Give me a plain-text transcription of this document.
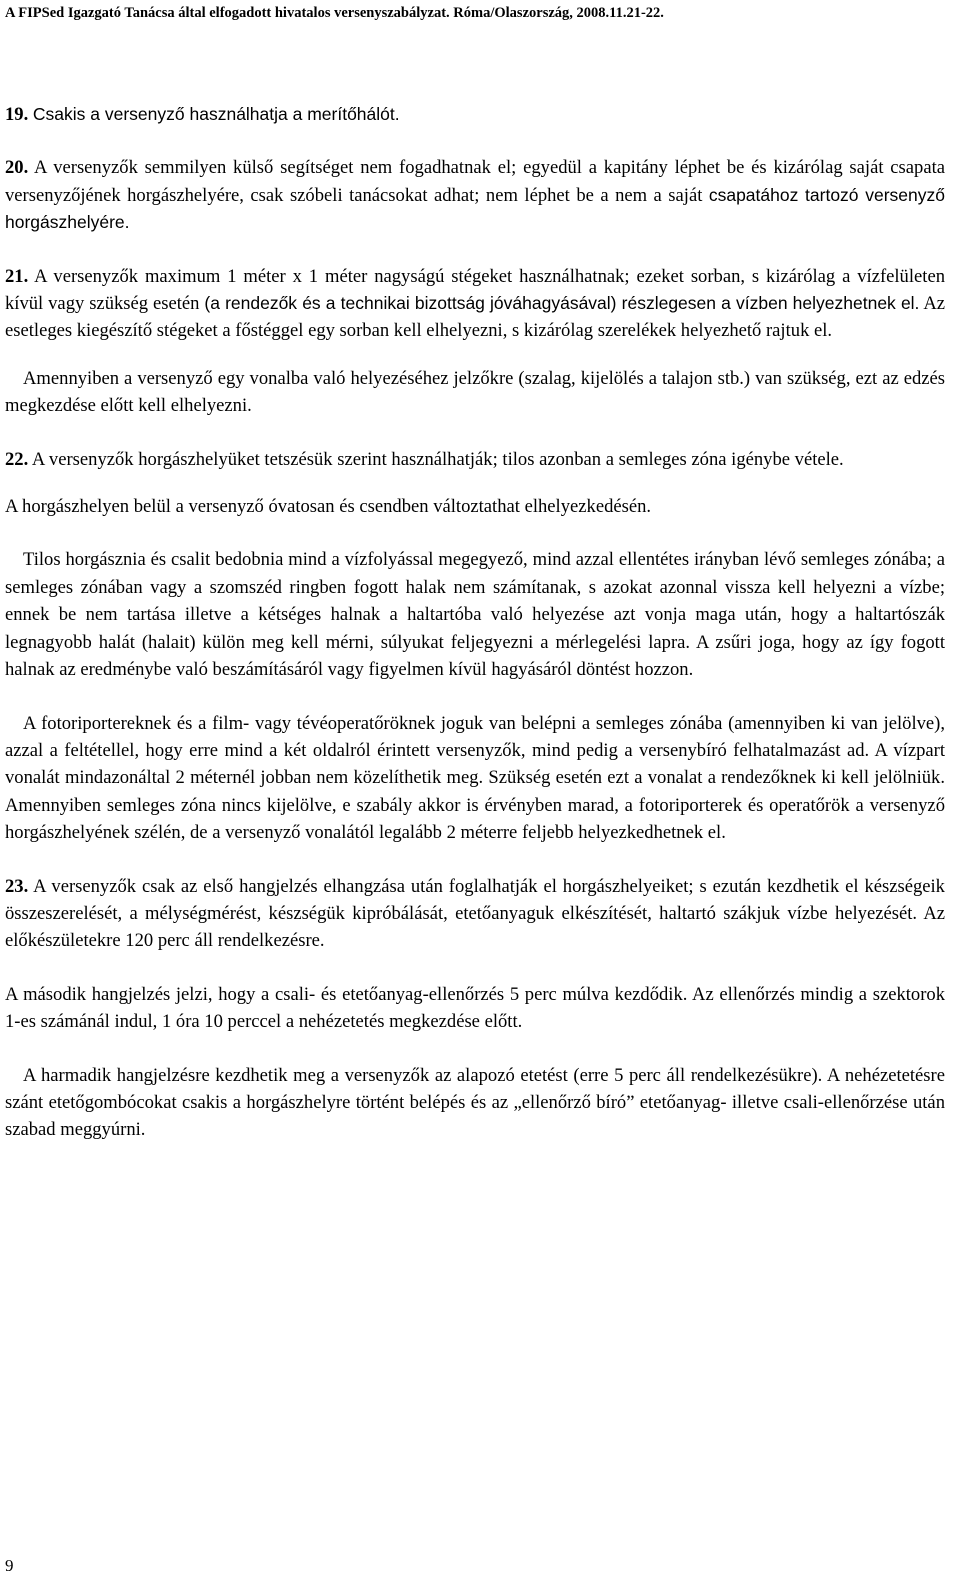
A FIPSed Igazgató Tanácsa által elfogadott hivatalos versenyszabályzat. Róma/Olaszország, 2008.11.21-22.

19. Csakis a versenyző használhatja a merítőhálót.

20. A versenyzők semmilyen külső segítséget nem fogadhatnak el; egyedül a kapitány léphet be és kizárólag saját csapata versenyzőjének horgászhelyére, csak szóbeli tanácsokat adhat; nem léphet be a nem a saját csapatához tartozó versenyző horgászhelyére.

21. A versenyzők maximum 1 méter x 1 méter nagyságú stégeket használhatnak; ezeket sorban, s kizárólag a vízfelületen kívül vagy szükség esetén (a rendezők és a technikai bizottság jóváhagyásával) részlegesen a vízben helyezhetnek el. Az esetleges kiegészítő stégeket a főstéggel egy sorban kell elhelyezni, s kizárólag szerelékek helyezhető rajtuk el.

Amennyiben a versenyző egy vonalba való helyezéséhez jelzőkre (szalag, kijelölés a talajon stb.) van szükség, ezt az edzés megkezdése előtt kell elhelyezni.

22. A versenyzők horgászhelyüket tetszésük szerint használhatják; tilos azonban a semleges zóna igénybe vétele.

A horgászhelyen belül a versenyző óvatosan és csendben változtathat elhelyezkedésén.

Tilos horgásznia és csalit bedobnia mind a vízfolyással megegyező, mind azzal ellentétes irányban lévő semleges zónába; a semleges zónában vagy a szomszéd ringben fogott halak nem számítanak, s azokat azonnal vissza kell helyezni a vízbe; ennek be nem tartása illetve a kétséges halnak a haltartóba való helyezése azt vonja maga után, hogy a haltartószák legnagyobb halát (halait) külön meg kell mérni, súlyukat feljegyezni a mérlegelési lapra. A zsűri joga, hogy az így fogott halnak az eredménybe való beszámításáról vagy figyelmen kívül hagyásáról döntést hozzon.

A fotoriportereknek és a film- vagy tévéoperatőröknek joguk van belépni a semleges zónába (amennyiben ki van jelölve), azzal a feltétellel, hogy erre mind a két oldalról érintett versenyzők, mind pedig a versenybíró felhatalmazást ad. A vízpart vonalát mindazonáltal 2 méternél jobban nem közelíthetik meg. Szükség esetén ezt a vonalat a rendezőknek ki kell jelölniük. Amennyiben semleges zóna nincs kijelölve, e szabály akkor is érvényben marad, a fotoriporterek és operatőrök a versenyző horgászhelyének szélén, de a versenyző vonalától legalább 2 méterre feljebb helyezkedhetnek el.

23. A versenyzők csak az első hangjelzés elhangzása után foglalhatják el horgászhelyeiket; s ezután kezdhetik el készségeik összeszerelését, a mélységmérést, készségük kipróbálását, etetőanyaguk elkészítését, haltartó szákjuk vízbe helyezését. Az előkészületekre 120 perc áll rendelkezésre.

A második hangjelzés jelzi, hogy a csali- és etetőanyag-ellenőrzés 5 perc múlva kezdődik. Az ellenőrzés mindig a szektorok 1-es számánál indul, 1 óra 10 perccel a nehézetetés megkezdése előtt.

A harmadik hangjelzésre kezdhetik meg a versenyzők az alapozó etetést (erre 5 perc áll rendelkezésükre). A nehézetetésre szánt etetőgombócokat csakis a horgászhelyre történt belépés és az „ellenőrző bíró” etetőanyag- illetve csali-ellenőrzése után szabad meggyúrni.

9
